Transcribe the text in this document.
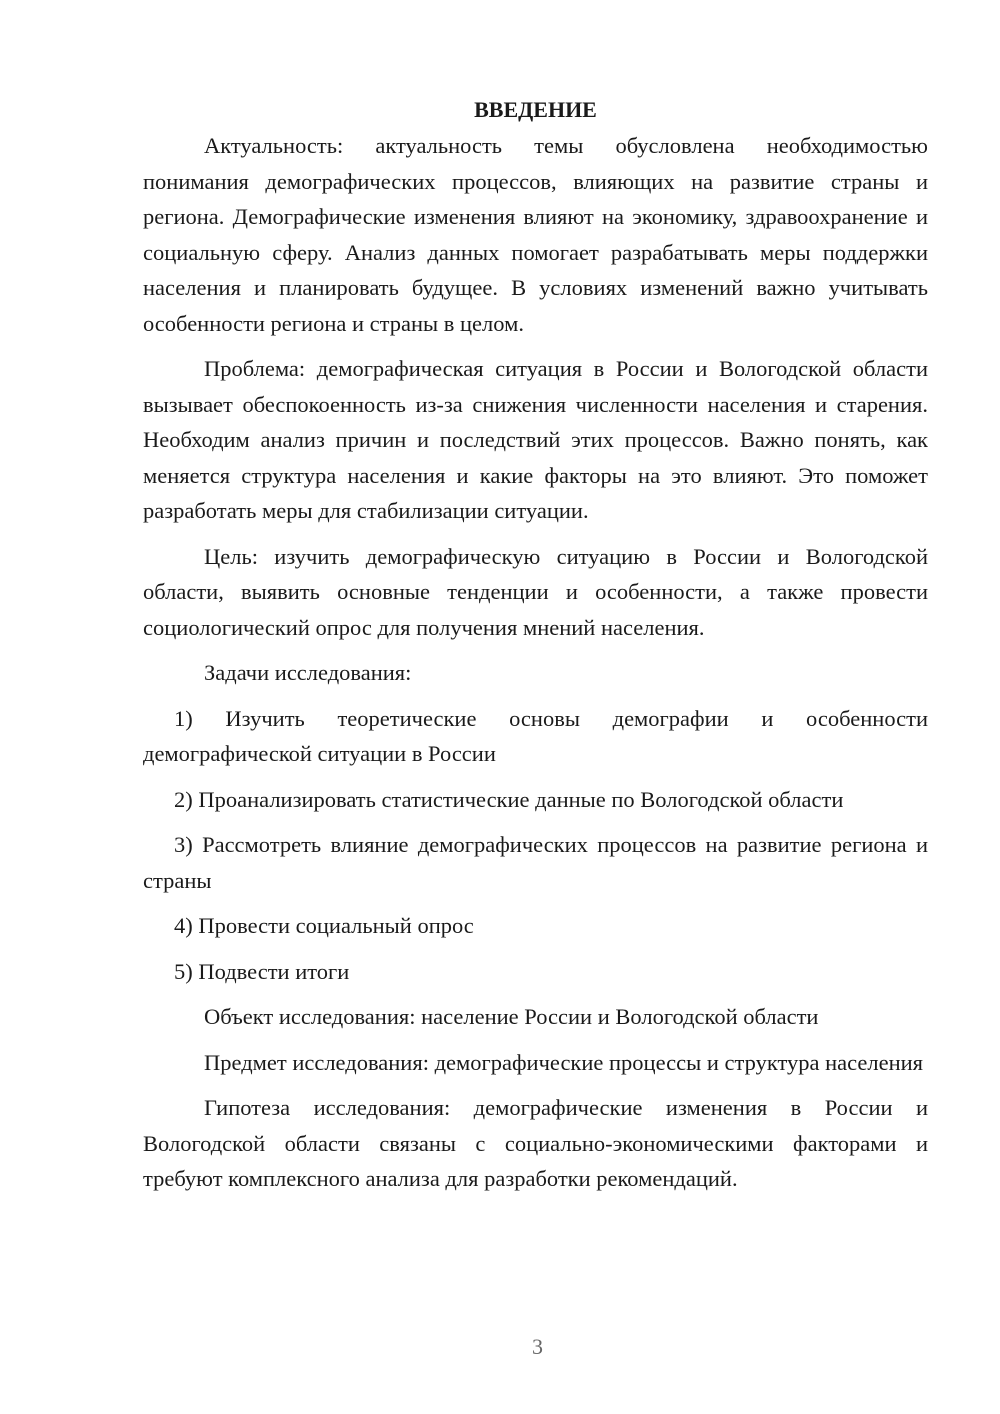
ВВЕДЕНИЕ

Актуальность: актуальность темы обусловлена необходимостью понимания демографических процессов, влияющих на развитие страны и региона. Демографические изменения влияют на экономику, здравоохранение и социальную сферу. Анализ данных помогает разрабатывать меры поддержки населения и планировать будущее. В условиях изменений важно учитывать особенности региона и страны в целом.

Проблема: демографическая ситуация в России и Вологодской области вызывает обеспокоенность из-за снижения численности населения и старения. Необходим анализ причин и последствий этих процессов. Важно понять, как меняется структура населения и какие факторы на это влияют. Это поможет разработать меры для стабилизации ситуации.

Цель: изучить демографическую ситуацию в России и Вологодской области, выявить основные тенденции и особенности, а также провести социологический опрос для получения мнений населения.

Задачи исследования:

1) Изучить теоретические основы демографии и особенности демографической ситуации в России

2) Проанализировать статистические данные по Вологодской области

3) Рассмотреть влияние демографических процессов на развитие региона и страны

4) Провести социальный опрос

5) Подвести итоги

Объект исследования: население России и Вологодской области

Предмет исследования: демографические процессы и структура населения

Гипотеза исследования: демографические изменения в России и Вологодской области связаны с социально-экономическими факторами и требуют комплексного анализа для разработки рекомендаций.

3
